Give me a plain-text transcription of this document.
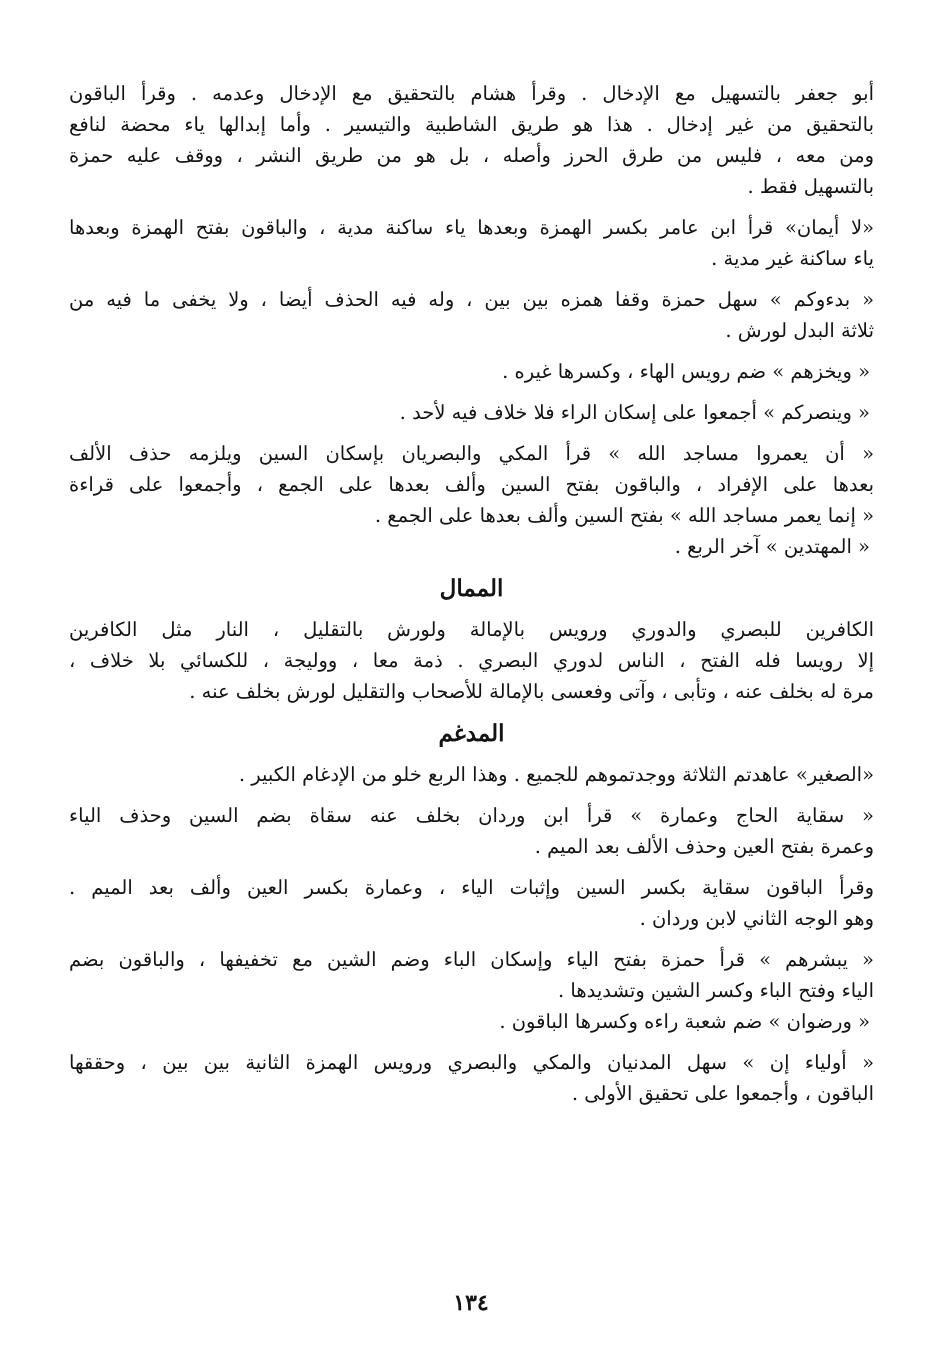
أبو جعفر بالتسهيل مع الإدخال . وقرأ هشام بالتحقيق مع الإدخال وعدمه . وقرأ الباقون
بالتحقيق من غير إدخال . هذا هو طريق الشاطبية والتيسير . وأما إبدالها ياء محضة لنافع
ومن معه ، فليس من طرق الحرز وأصله ، بل هو من طريق النشر ، ووقف عليه حمزة
بالتسهيل فقط .
«لا أيمان» قرأ ابن عامر بكسر الهمزة وبعدها ياء ساكنة مدية ، والباقون بفتح الهمزة وبعدها
ياء ساكنة غير مدية .
« بدءوكم » سهل حمزة وقفا همزه بين بين ، وله فيه الحذف أيضا ، ولا يخفى ما فيه من
ثلاثة البدل لورش .
« ويخزهم » ضم رويس الهاء ، وكسرها غيره .
« وينصركم » أجمعوا على إسكان الراء فلا خلاف فيه لأحد .
« أن يعمروا مساجد الله » قرأ المكي والبصريان بإسكان السين ويلزمه حذف الألف
بعدها على الإفراد ، والباقون بفتح السين وألف بعدها على الجمع ، وأجمعوا على قراءة
« إنما يعمر مساجد الله » بفتح السين وألف بعدها على الجمع .
« المهتدين » آخر الربع .
الممال
الكافرين للبصري والدوري ورويس بالإمالة ولورش بالتقليل ، النار مثل الكافرين
إلا رويسا فله الفتح ، الناس لدوري البصري . ذمة معا ، ووليجة ، للكسائي بلا خلاف ،
مرة له بخلف عنه ، وتأبى ، وآتى وفعسى بالإمالة للأصحاب والتقليل لورش بخلف عنه .
المدغم
«الصغير» عاهدتم الثلاثة ووجدتموهم للجميع . وهذا الربع خلو من الإدغام الكبير .
« سقاية الحاج وعمارة » قرأ ابن وردان بخلف عنه سقاة بضم السين وحذف الياء
وعمرة بفتح العين وحذف الألف بعد الميم .
وقرأ الباقون سقاية بكسر السين وإثبات الياء ، وعمارة بكسر العين وألف بعد الميم .
وهو الوجه الثاني لابن وردان .
« يبشرهم » قرأ حمزة بفتح الياء وإسكان الباء وضم الشين مع تخفيفها ، والباقون بضم
الياء وفتح الباء وكسر الشين وتشديدها .
« ورضوان » ضم شعبة راءه وكسرها الباقون .
« أولياء إن » سهل المدنيان والمكي والبصري ورويس الهمزة الثانية بين بين ، وحققها
الباقون ، وأجمعوا على تحقيق الأولى .
١٣٤
